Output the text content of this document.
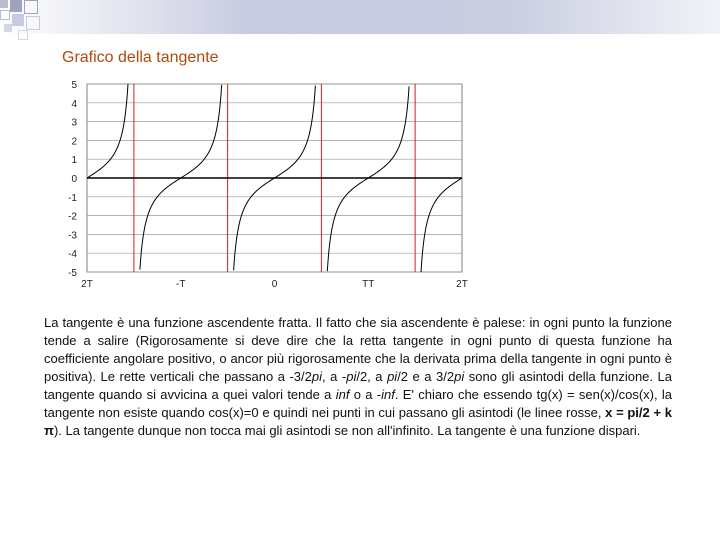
Grafico della tangente
5
4
3
2
1
0
-1
-2
-3
-4
-5
2T	-T	0	TT	2T
La tangente è una funzione ascendente fratta. Il fatto che sia ascendente è palese: in ogni punto la funzione tende a salire (Rigorosamente si deve dire che la retta tangente in ogni punto di questa funzione ha coefficiente angolare positivo, o ancor più rigorosamente che la derivata prima della tangente in ogni punto è positiva). Le rette verticali che passano a -3/2pi, a -pi/2, a pi/2 e a 3/2pi sono gli asintodi della funzione. La tangente quando si avvicina a quei valori tende a inf o a -inf. E' chiaro che essendo tg(x) = sen(x)/cos(x), la tangente non esiste quando cos(x)=0 e quindi nei punti in cui passano gli asintodi (le linee rosse, x = pi/2 + k π). La tangente dunque non tocca mai gli asintodi se non all'infinito. La tangente è una funzione dispari.
